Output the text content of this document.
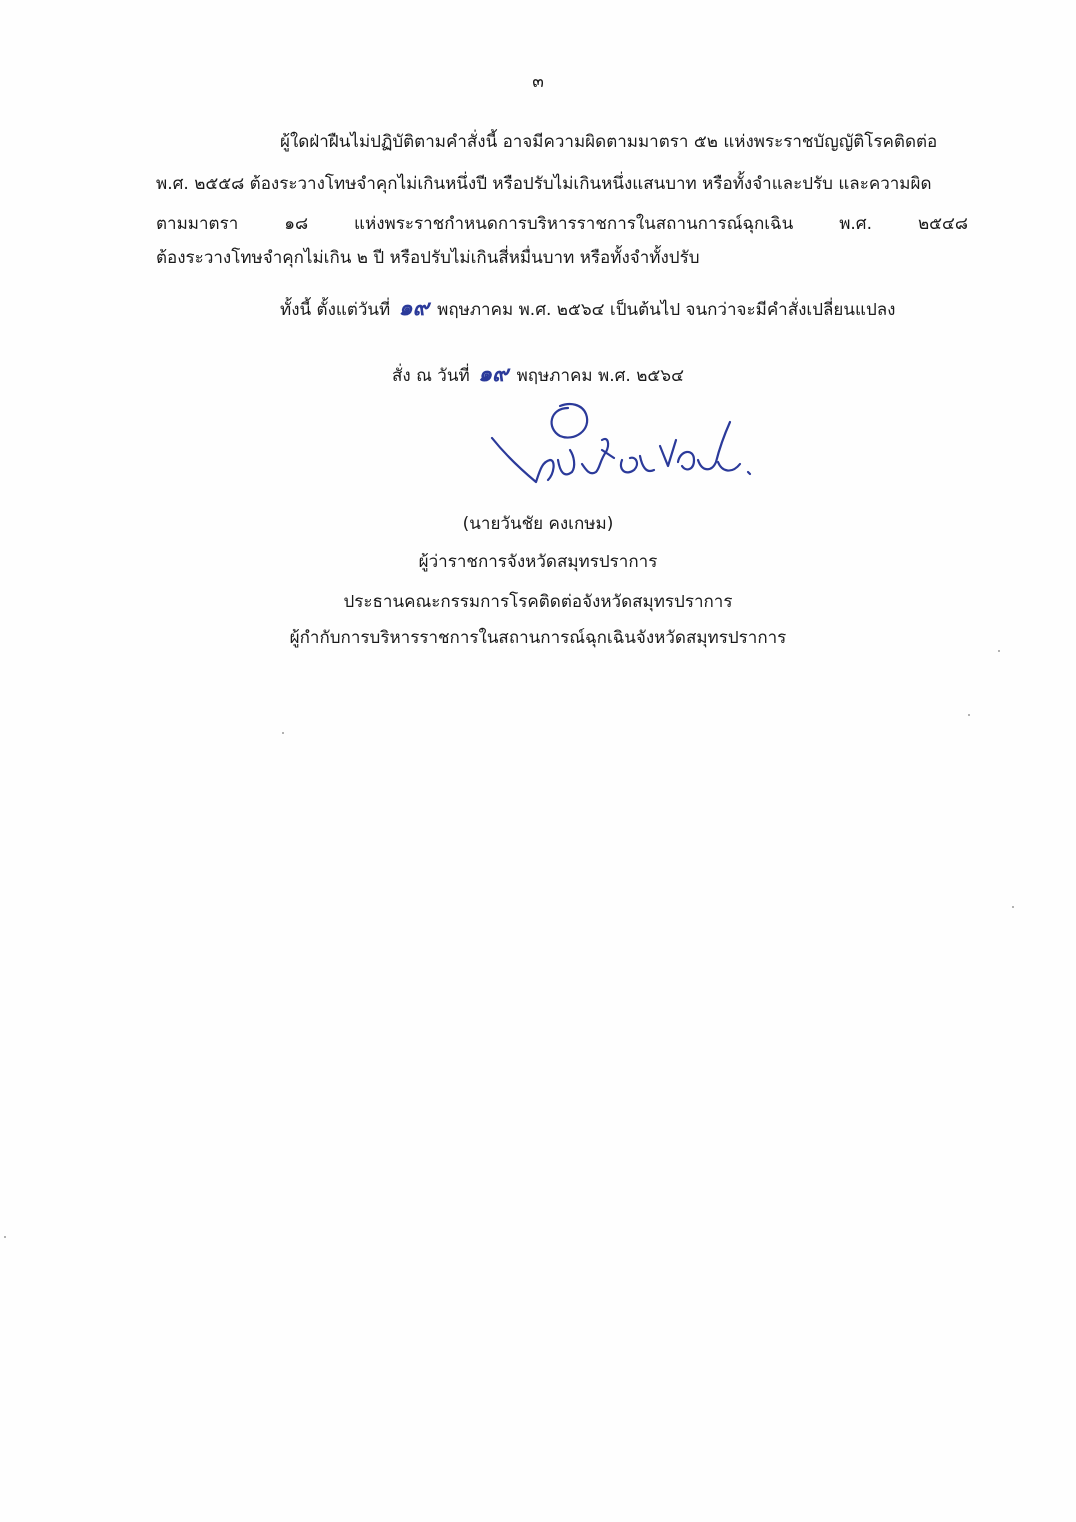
๓
ผู้ใดฝ่าฝืนไม่ปฏิบัติตามคำสั่งนี้ อาจมีความผิดตามมาตรา ๕๒ แห่งพระราชบัญญัติโรคติดต่อ
พ.ศ. ๒๕๕๘ ต้องระวางโทษจำคุกไม่เกินหนึ่งปี หรือปรับไม่เกินหนึ่งแสนบาท หรือทั้งจำและปรับ และความผิด
ตามมาตรา ๑๘ แห่งพระราชกำหนดการบริหารราชการในสถานการณ์ฉุกเฉิน พ.ศ. ๒๕๔๘
ต้องระวางโทษจำคุกไม่เกิน ๒ ปี หรือปรับไม่เกินสี่หมื่นบาท หรือทั้งจำทั้งปรับ
ทั้งนี้ ตั้งแต่วันที่ ๑๙ พฤษภาคม พ.ศ. ๒๕๖๔ เป็นต้นไป จนกว่าจะมีคำสั่งเปลี่ยนแปลง
สั่ง ณ วันที่ ๑๙ พฤษภาคม พ.ศ. ๒๕๖๔
(นายวันชัย คงเกษม)
ผู้ว่าราชการจังหวัดสมุทรปราการ
ประธานคณะกรรมการโรคติดต่อจังหวัดสมุทรปราการ
ผู้กำกับการบริหารราชการในสถานการณ์ฉุกเฉินจังหวัดสมุทรปราการ
